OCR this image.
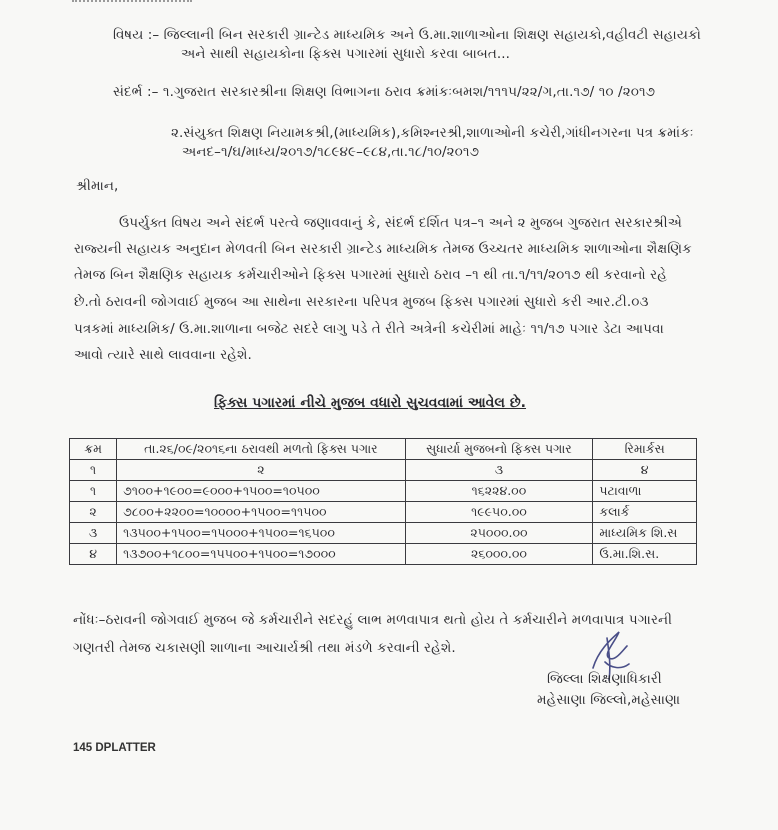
વિષય :– જિલ્લાની બિન સરકારી ગ્રાન્ટેડ માધ્યમિક અને ઉ.મા.શાળાઓના શિક્ષણ સહાયકો,વહીવટી સહાયકો
અને સાથી સહાયકોના ફિક્સ પગારમાં સુધારો કરવા બાબત...
સંદર્ભ :– ૧.ગુજરાત સરકારશ્રીના શિક્ષણ વિભાગના ઠરાવ ક્રમાંકઃબમશ/૧૧૧૫/૨૨/ગ,તા.૧૭/ ૧૦ /૨૦૧૭
૨.સંયુક્ત શિક્ષણ નિયામકશ્રી,(માધ્યમિક),કમિશ્નરશ્રી,શાળાઓની કચેરી,ગાંધીનગરના પત્ર ક્રમાંકઃ
અનદ–૧/ઘ/માધ્ય/૨૦૧૭/૧૮૯૪૯–૯૮૪,તા.૧૮/૧૦/૨૦૧૭
શ્રીમાન,
ઉપર્યુક્ત વિષય અને સંદર્ભ પરત્વે જણાવવાનું કે, સંદર્ભ દર્શિત પત્ર–૧ અને ૨ મુજબ ગુજરાત સરકારશ્રીએ
રાજ્યની સહાયક અનુદાન મેળવતી બિન સરકારી ગ્રાન્ટેડ માધ્યમિક તેમજ ઉચ્ચતર માધ્યમિક શાળાઓના શૈક્ષણિક
તેમજ બિન શૈક્ષણિક સહાયક કર્મચારીઓને ફિક્સ પગારમાં સુધારો ઠરાવ –૧ થી તા.૧/૧૧/૨૦૧૭ થી કરવાનો રહે
છે.તો ઠરાવની જોગવાઈ મુજબ આ સાથેના સરકારના પરિપત્ર મુજબ ફિક્સ પગારમાં સુધારો કરી આર.ટી.૦૩
પત્રકમાં માધ્યમિક/ ઉ.મા.શાળાના બજેટ સદરે લાગુ પડે તે રીતે અત્રેની કચેરીમાં માહેઃ ૧૧/૧૭ પગાર ડેટા આપવા
આવો ત્યારે સાથે લાવવાના રહેશે.
ફિક્સ પગારમાં નીચે મુજબ વધારો સુચવવામાં આવેલ છે.
ક્રમ	તા.૨૬/૦૯/૨૦૧૬ના ઠરાવથી મળતો ફિક્સ પગાર	સુધાર્યા મુજબનો ફિક્સ પગાર	રિમાર્કસ
૧	૨	૩	૪
૧	૭૧૦૦+૧૯૦૦=૯૦૦૦+૧૫૦૦=૧૦૫૦૦	૧૬૨૨૪.૦૦	પટાવાળા
૨	૭૮૦૦+૨૨૦૦=૧૦૦૦૦+૧૫૦૦=૧૧૫૦૦	૧૯૯૫૦.૦૦	કલાર્ક
૩	૧૩૫૦૦+૧૫૦૦=૧૫૦૦૦+૧૫૦૦=૧૬૫૦૦	૨૫૦૦૦.૦૦	માધ્યમિક શિ.સ
૪	૧૩૭૦૦+૧૮૦૦=૧૫૫૦૦+૧૫૦૦=૧૭૦૦૦	૨૬૦૦૦.૦૦	ઉ.મા.શિ.સ.
નોંધઃ–ઠરાવની જોગવાઈ મુજબ જે કર્મચારીને સદરહું લાભ મળવાપાત્ર થતો હોય તે કર્મચારીને મળવાપાત્ર પગારની
ગણતરી તેમજ ચકાસણી શાળાના આચાર્યશ્રી તથા મંડળે કરવાની રહેશે.
જિલ્લા શિક્ષણાધિકારી
મહેસાણા જિલ્લો,મહેસાણા
145 DPLATTER
